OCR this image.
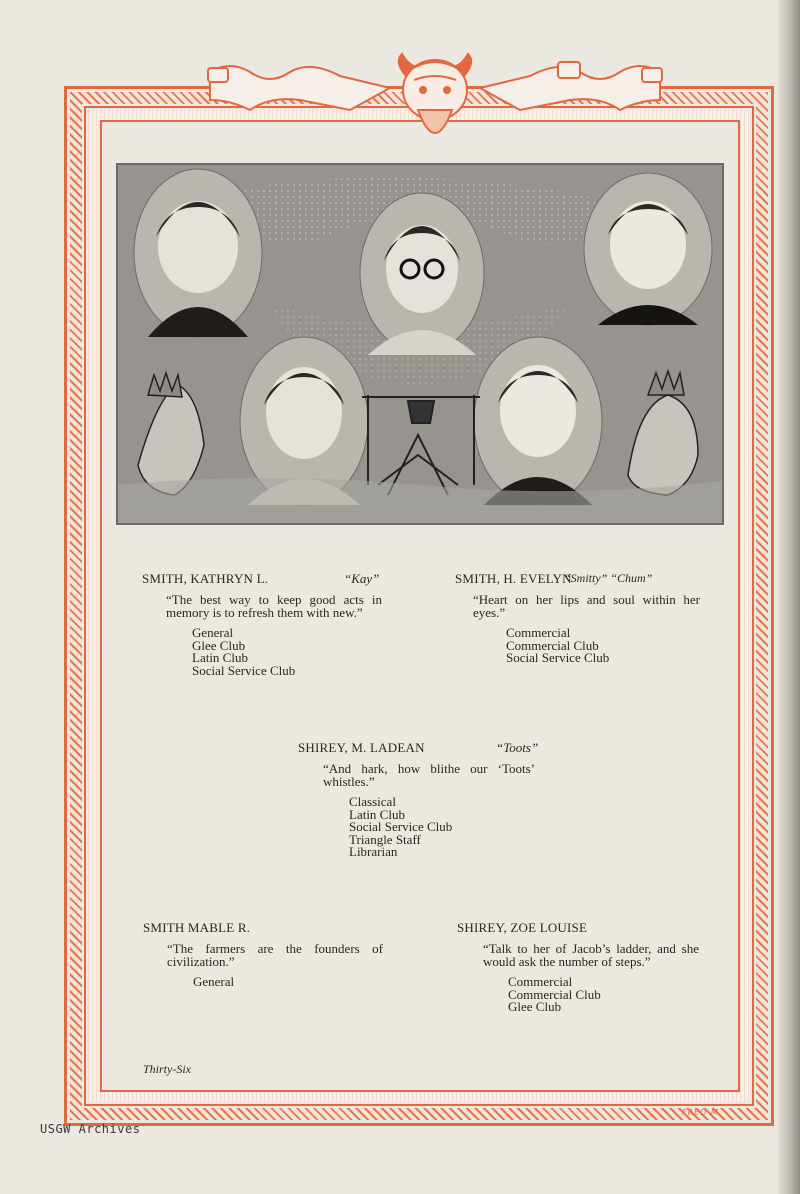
SMITH, KATHRYN L.	“Kay”
“The best way to keep good acts in memory is to refresh them with new.”
General
Glee Club
Latin Club
Social Service Club
SMITH, H. EVELYN
“Smitty” “Chum”
“Heart on her lips and soul within her eyes.”
Commercial
Commercial Club
Social Service Club
SHIREY, M. LADEAN	“Toots”
“And hark, how blithe our ‘Toots’ whistles.”
Classical
Latin Club
Social Service Club
Triangle Staff
Librarian
SMITH MABLE R.
“The farmers are the founders of civilization.”
General
SHIREY, ZOE LOUISE
“Talk to her of Jacob’s ladder, and she would ask the number of steps.”
Commercial
Commercial Club
Glee Club
Thirty-Six
FRED M.
USGW Archives
